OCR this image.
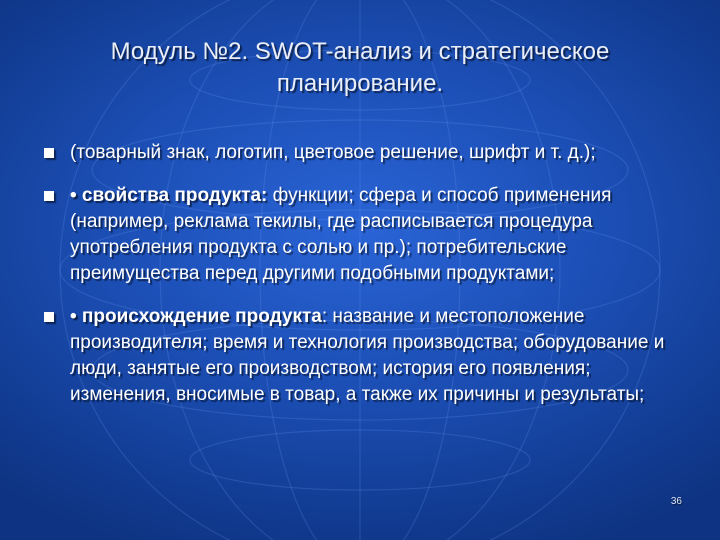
Модуль №2. SWOT-анализ и стратегическое
планирование.
(товарный знак, логотип, цветовое решение, шрифт и т. д.);
• свойства продукта: функции; сфера и способ применения (например, реклама текилы, где расписывается процедура употребления продукта с солью и пр.); потребительские преимущества перед другими подобными продуктами;
• происхождение продукта: название и местоположение производителя; время и технология производства; оборудование и люди, занятые его производством; история его появления; изменения, вносимые в товар, а также их причины и результаты;
36
